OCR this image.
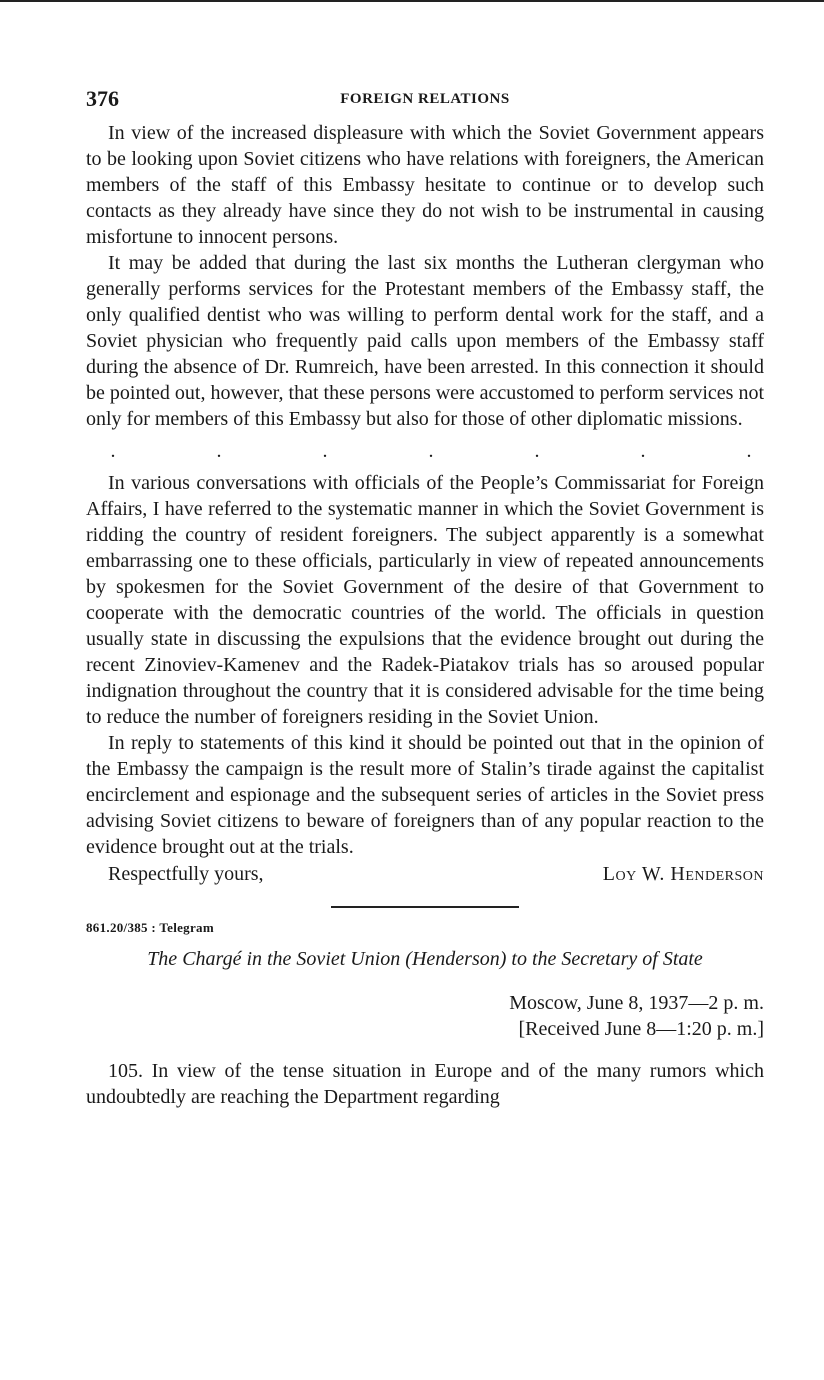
376	FOREIGN RELATIONS

In view of the increased displeasure with which the Soviet Government appears to be looking upon Soviet citizens who have relations with foreigners, the American members of the staff of this Embassy hesitate to continue or to develop such contacts as they already have since they do not wish to be instrumental in causing misfortune to innocent persons.

It may be added that during the last six months the Lutheran clergyman who generally performs services for the Protestant members of the Embassy staff, the only qualified dentist who was willing to perform dental work for the staff, and a Soviet physician who frequently paid calls upon members of the Embassy staff during the absence of Dr. Rumreich, have been arrested. In this connection it should be pointed out, however, that these persons were accustomed to perform services not only for members of this Embassy but also for those of other diplomatic missions.

.	.	.	.	.	.	.

In various conversations with officials of the People’s Commissariat for Foreign Affairs, I have referred to the systematic manner in which the Soviet Government is ridding the country of resident foreigners. The subject apparently is a somewhat embarrassing one to these officials, particularly in view of repeated announcements by spokesmen for the Soviet Government of the desire of that Government to cooperate with the democratic countries of the world. The officials in question usually state in discussing the expulsions that the evidence brought out during the recent Zinoviev-Kamenev and the Radek-Piatakov trials has so aroused popular indignation throughout the country that it is considered advisable for the time being to reduce the number of foreigners residing in the Soviet Union.

In reply to statements of this kind it should be pointed out that in the opinion of the Embassy the campaign is the result more of Stalin’s tirade against the capitalist encirclement and espionage and the subsequent series of articles in the Soviet press advising Soviet citizens to beware of foreigners than of any popular reaction to the evidence brought out at the trials.

Respectfully yours,	Loy W. Henderson
861.20/385 : Telegram
The Chargé in the Soviet Union (Henderson) to the Secretary of State
Moscow, June 8, 1937—2 p. m.
[Received June 8—1:20 p. m.]

105. In view of the tense situation in Europe and of the many rumors which undoubtedly are reaching the Department regarding
